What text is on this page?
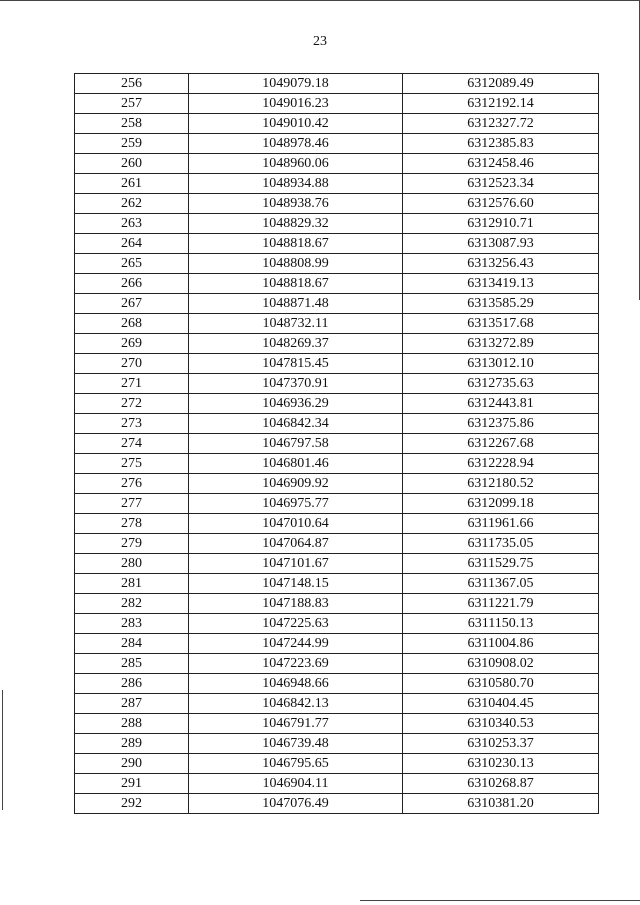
23
256	1049079.18	6312089.49
257	1049016.23	6312192.14
258	1049010.42	6312327.72
259	1048978.46	6312385.83
260	1048960.06	6312458.46
261	1048934.88	6312523.34
262	1048938.76	6312576.60
263	1048829.32	6312910.71
264	1048818.67	6313087.93
265	1048808.99	6313256.43
266	1048818.67	6313419.13
267	1048871.48	6313585.29
268	1048732.11	6313517.68
269	1048269.37	6313272.89
270	1047815.45	6313012.10
271	1047370.91	6312735.63
272	1046936.29	6312443.81
273	1046842.34	6312375.86
274	1046797.58	6312267.68
275	1046801.46	6312228.94
276	1046909.92	6312180.52
277	1046975.77	6312099.18
278	1047010.64	6311961.66
279	1047064.87	6311735.05
280	1047101.67	6311529.75
281	1047148.15	6311367.05
282	1047188.83	6311221.79
283	1047225.63	6311150.13
284	1047244.99	6311004.86
285	1047223.69	6310908.02
286	1046948.66	6310580.70
287	1046842.13	6310404.45
288	1046791.77	6310340.53
289	1046739.48	6310253.37
290	1046795.65	6310230.13
291	1046904.11	6310268.87
292	1047076.49	6310381.20
